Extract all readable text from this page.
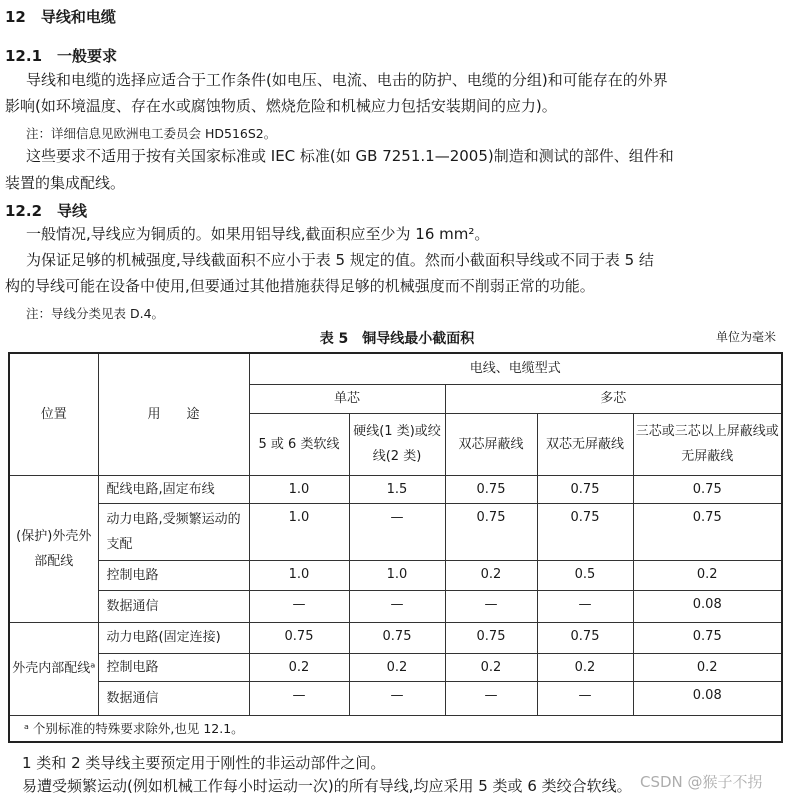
12　 导线和电缆
12.1　 一般要求
导线和电缆的选择应适合于工作条件(如电压、电流、电击的防护、电缆的分组)和可能存在的外界
影响(如环境温度、存在水或腐蚀物质、燃烧危险和机械应力包括安装期间的应力)。
注：详细信息见欧洲电工委员会 HD516S2。
这些要求不适用于按有关国家标准或 IEC 标准(如 GB 7251.1—2005)制造和测试的部件、组件和
装置的集成配线。
12.2　 导线
一般情况,导线应为铜质的。如果用铝导线,截面积应至少为 16 mm²。
为保证足够的机械强度,导线截面积不应小于表 5 规定的值。然而小截面积导线或不同于表 5 结
构的导线可能在设备中使用,但要通过其他措施获得足够的机械强度而不削弱正常的功能。
注：导线分类见表 D.4。
表 5　铜导线最小截面积	单位为毫米
位置	用　　途	电线、电缆型式				
		单芯		多芯		
		5 或 6 类软线	硬线(1 类)或绞线(2 类)	双芯屏蔽线	双芯无屏蔽线	三芯或三芯以上屏蔽线或无屏蔽线
(保护)外壳外部配线	配线电路,固定布线	1.0	1.5	0.75	0.75	0.75
	动力电路,受频繁运动的支配	1.0	—	0.75	0.75	0.75
	控制电路	1.0	1.0	0.2	0.5	0.2
	数据通信	—	—	—	—	0.08
外壳内部配线ᵃ	动力电路(固定连接)	0.75	0.75	0.75	0.75	0.75
	控制电路	0.2	0.2	0.2	0.2	0.2
	数据通信	—	—	—	—	0.08
ᵃ 个别标准的特殊要求除外,也见 12.1。						
1 类和 2 类导线主要预定用于刚性的非运动部件之间。
易遭受频繁运动(例如机械工作每小时运动一次)的所有导线,均应采用 5 类或 6 类绞合软线。 CSDN @猴子不拐
